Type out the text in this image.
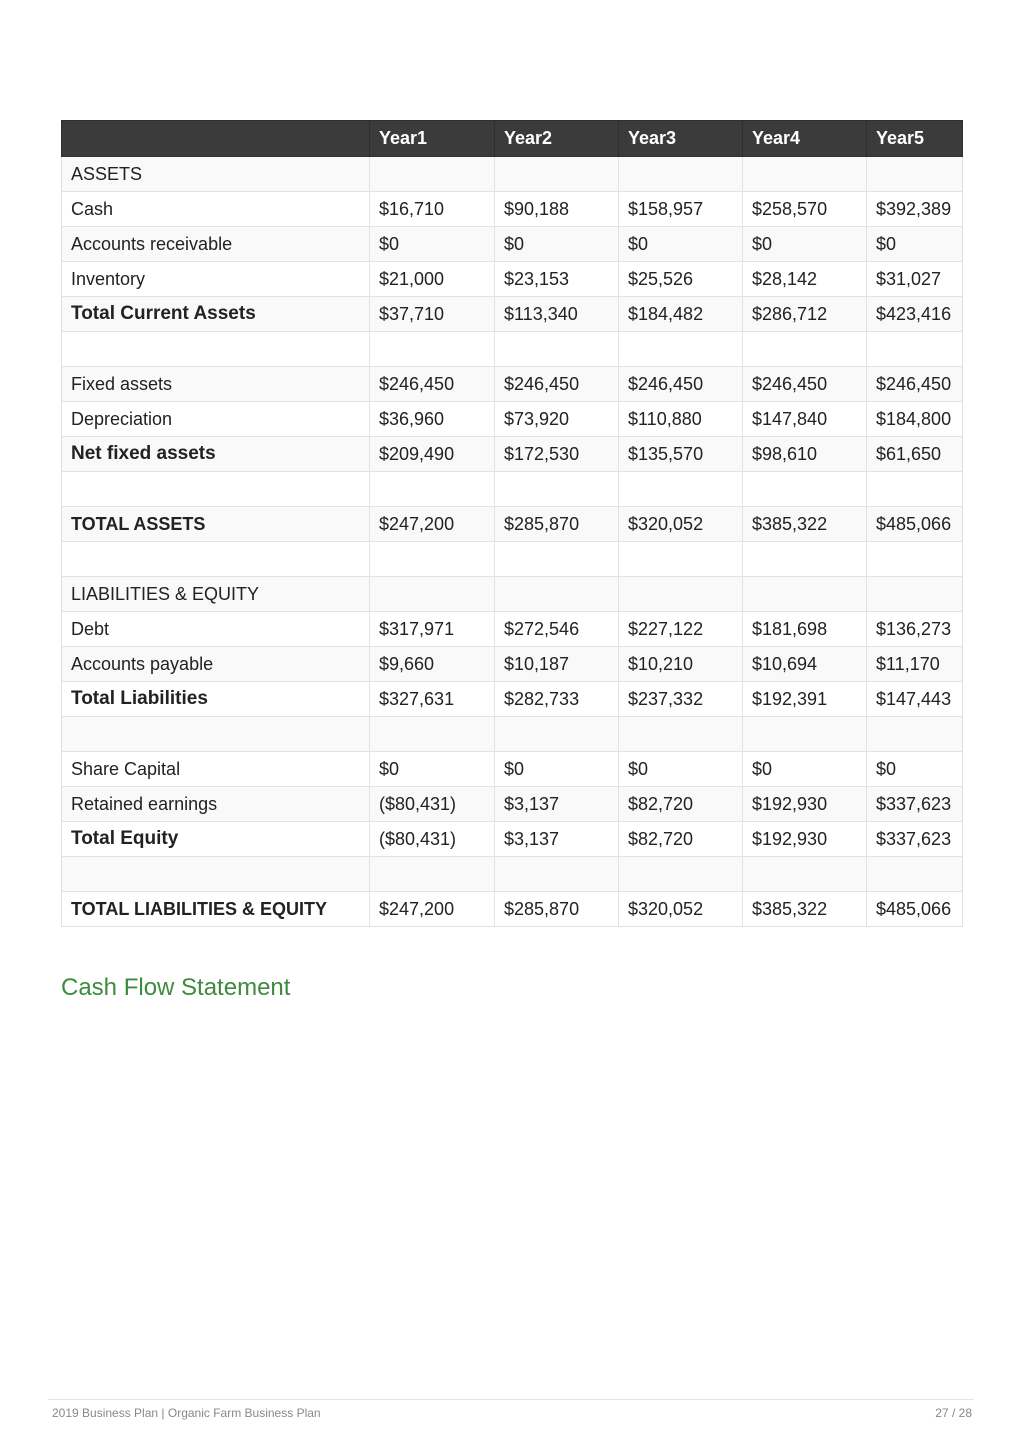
	Year1	Year2	Year3	Year4	Year5
ASSETS					
Cash	$16,710	$90,188	$158,957	$258,570	$392,389
Accounts receivable	$0	$0	$0	$0	$0
Inventory	$21,000	$23,153	$25,526	$28,142	$31,027
Total Current Assets	$37,710	$113,340	$184,482	$286,712	$423,416

Fixed assets	$246,450	$246,450	$246,450	$246,450	$246,450
Depreciation	$36,960	$73,920	$110,880	$147,840	$184,800
Net fixed assets	$209,490	$172,530	$135,570	$98,610	$61,650

TOTAL ASSETS	$247,200	$285,870	$320,052	$385,322	$485,066

LIABILITIES & EQUITY					
Debt	$317,971	$272,546	$227,122	$181,698	$136,273
Accounts payable	$9,660	$10,187	$10,210	$10,694	$11,170
Total Liabilities	$327,631	$282,733	$237,332	$192,391	$147,443

Share Capital	$0	$0	$0	$0	$0
Retained earnings	($80,431)	$3,137	$82,720	$192,930	$337,623
Total Equity	($80,431)	$3,137	$82,720	$192,930	$337,623

TOTAL LIABILITIES & EQUITY	$247,200	$285,870	$320,052	$385,322	$485,066
Cash Flow Statement
2019 Business Plan | Organic Farm Business Plan	27 / 28
